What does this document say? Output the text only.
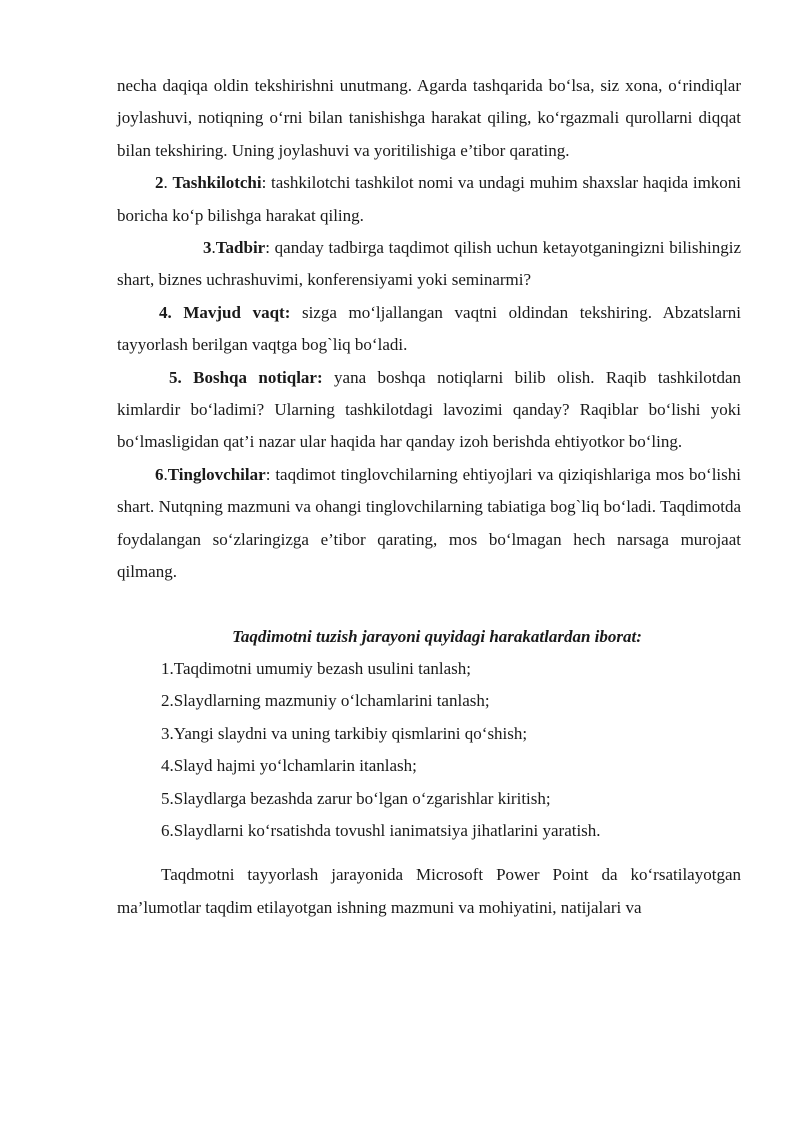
necha daqiqa oldin tekshirishni unutmang. Agarda tashqarida bo‘lsa, siz xona, o‘rindiqlar joylashuvi, notiqning o‘rni bilan tanishishga harakat qiling, ko‘rgazmali qurollarni diqqat bilan tekshiring. Uning joylashuvi va yoritilishiga e’tibor qarating.

2. Tashkilotchi: tashkilotchi tashkilot nomi va undagi muhim shaxslar haqida imkoni boricha ko‘p bilishga harakat qiling.

3.Tadbir: qanday tadbirga taqdimot qilish uchun ketayotganingizni bilishingiz shart, biznes uchrashuvimi, konferensiyami yoki seminarmi?

4. Mavjud vaqt: sizga mo‘ljallangan vaqtni oldindan tekshiring. Abzatslarni tayyorlash berilgan vaqtga bog`liq bo‘ladi.

5. Boshqa notiqlar: yana boshqa notiqlarni bilib olish. Raqib tashkilotdan kimlardir bo‘ladimi? Ularning tashkilotdagi lavozimi qanday? Raqiblar bo‘lishi yoki bo‘lmasligidan qat’i nazar ular haqida har qanday izoh berishda ehtiyotkor bo‘ling.

6.Tinglovchilar: taqdimot tinglovchilarning ehtiyojlari va qiziqishlariga mos bo‘lishi shart. Nutqning mazmuni va ohangi tinglovchilarning tabiatiga bog`liq bo‘ladi. Taqdimotda foydalangan so‘zlaringizga e’tibor qarating, mos bo‘lmagan hech narsaga murojaat qilmang.

Taqdimotni tuzish jarayoni quyidagi harakatlardan iborat:

1.Taqdimotni umumiy bezash usulini tanlash;

2.Slaydlarning mazmuniy o‘lchamlarini tanlash;

3.Yangi slaydni va uning tarkibiy qismlarini qo‘shish;

4.Slayd hajmi yo‘lchamlarin itanlash;

5.Slaydlarga bezashda zarur bo‘lgan o‘zgarishlar kiritish;

6.Slaydlarni ko‘rsatishda tovushl ianimatsiya jihatlarini yaratish.

Taqdmotni tayyorlash jarayonida Microsoft Power Point da ko‘rsatilayotgan ma’lumotlar taqdim etilayotgan ishning mazmuni va mohiyatini, natijalari va
